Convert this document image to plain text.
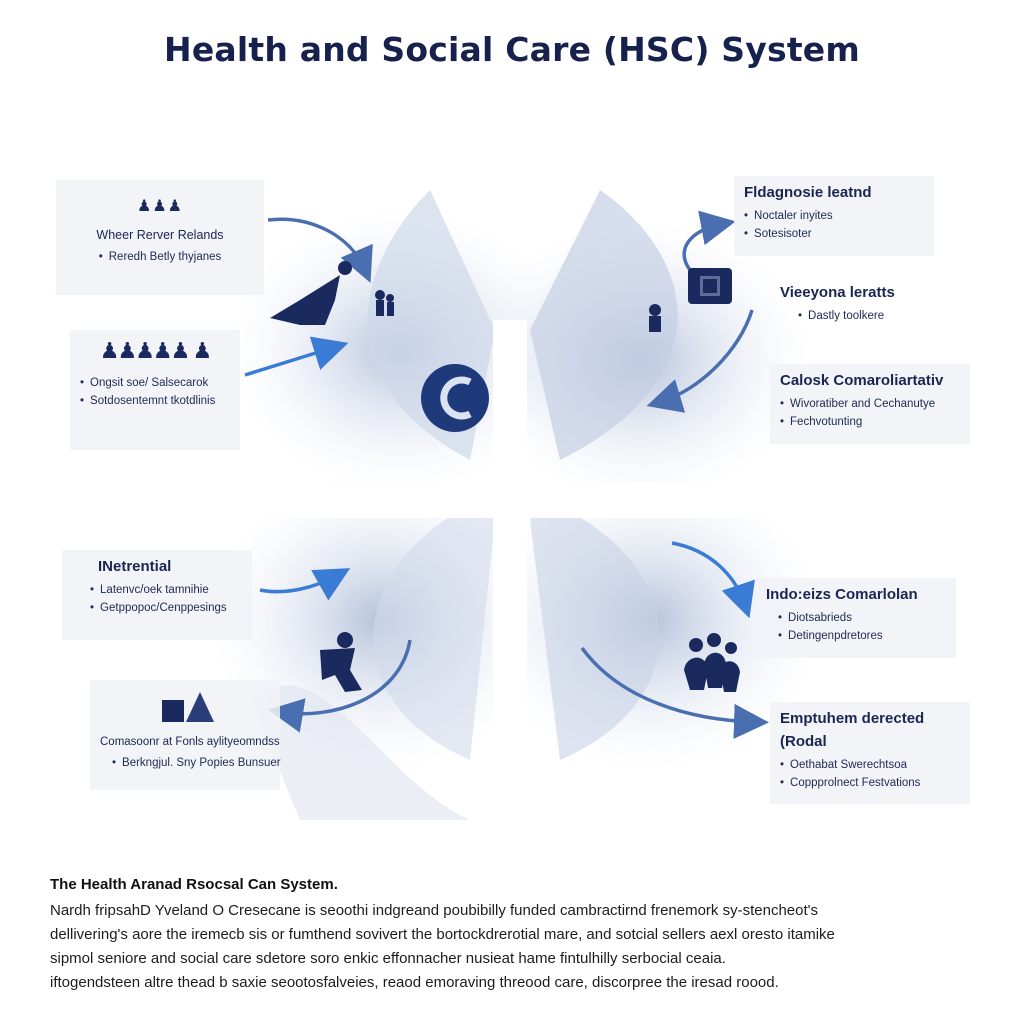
Health and Social Care (HSC) System
♟♟♟
Wheer Rerver Relands
• Reredh Betly thyjanes
♟♟♟♟♟ ♟
• Ongsit soe/ Salsecarok
• Sotdosentemnt tkotdlinis
Fldagnosie leatnd
• Noctaler inyites
• Sotesisoter
Vieeyona leratts
• Dastly toolkere
Calosk Comaroliartativ
• Wivoratiber and Cechanutye
• Fechvotunting
INetrential
• Latenvc/oek tamnihie
• Getppopoc/Cenppesings
Comasoonr at Fonls aylityeomndss
• Berkngjul. Sny Popies Bunsuer
Indo:eizs Comarlolan
• Diotsabrieds
• Detingenpdretores
Emptuhem derected
(Rodal
• Oethabat Swerechtsoa
• Coppprolnect Festvations
The Health Aranad Rsocsal Can System.
Nardh fripsahD Yveland O Cresecane is seoothi indgreand poubibilly funded cambractirnd frenemork sy-stencheot's
dellivering's aore the iremecb sis or fumthend sovivert the bortockdrerotial mare, and sotcial sellers aexl oresto itamike
sipmol seniore and social care sdetore soro enkic effonnacher nusieat hame fintulhilly serbocial ceaia.
iftogendsteen altre thead b saxie seootosfalveies, reaod emoraving threood care, discorpree the iresad roood.
